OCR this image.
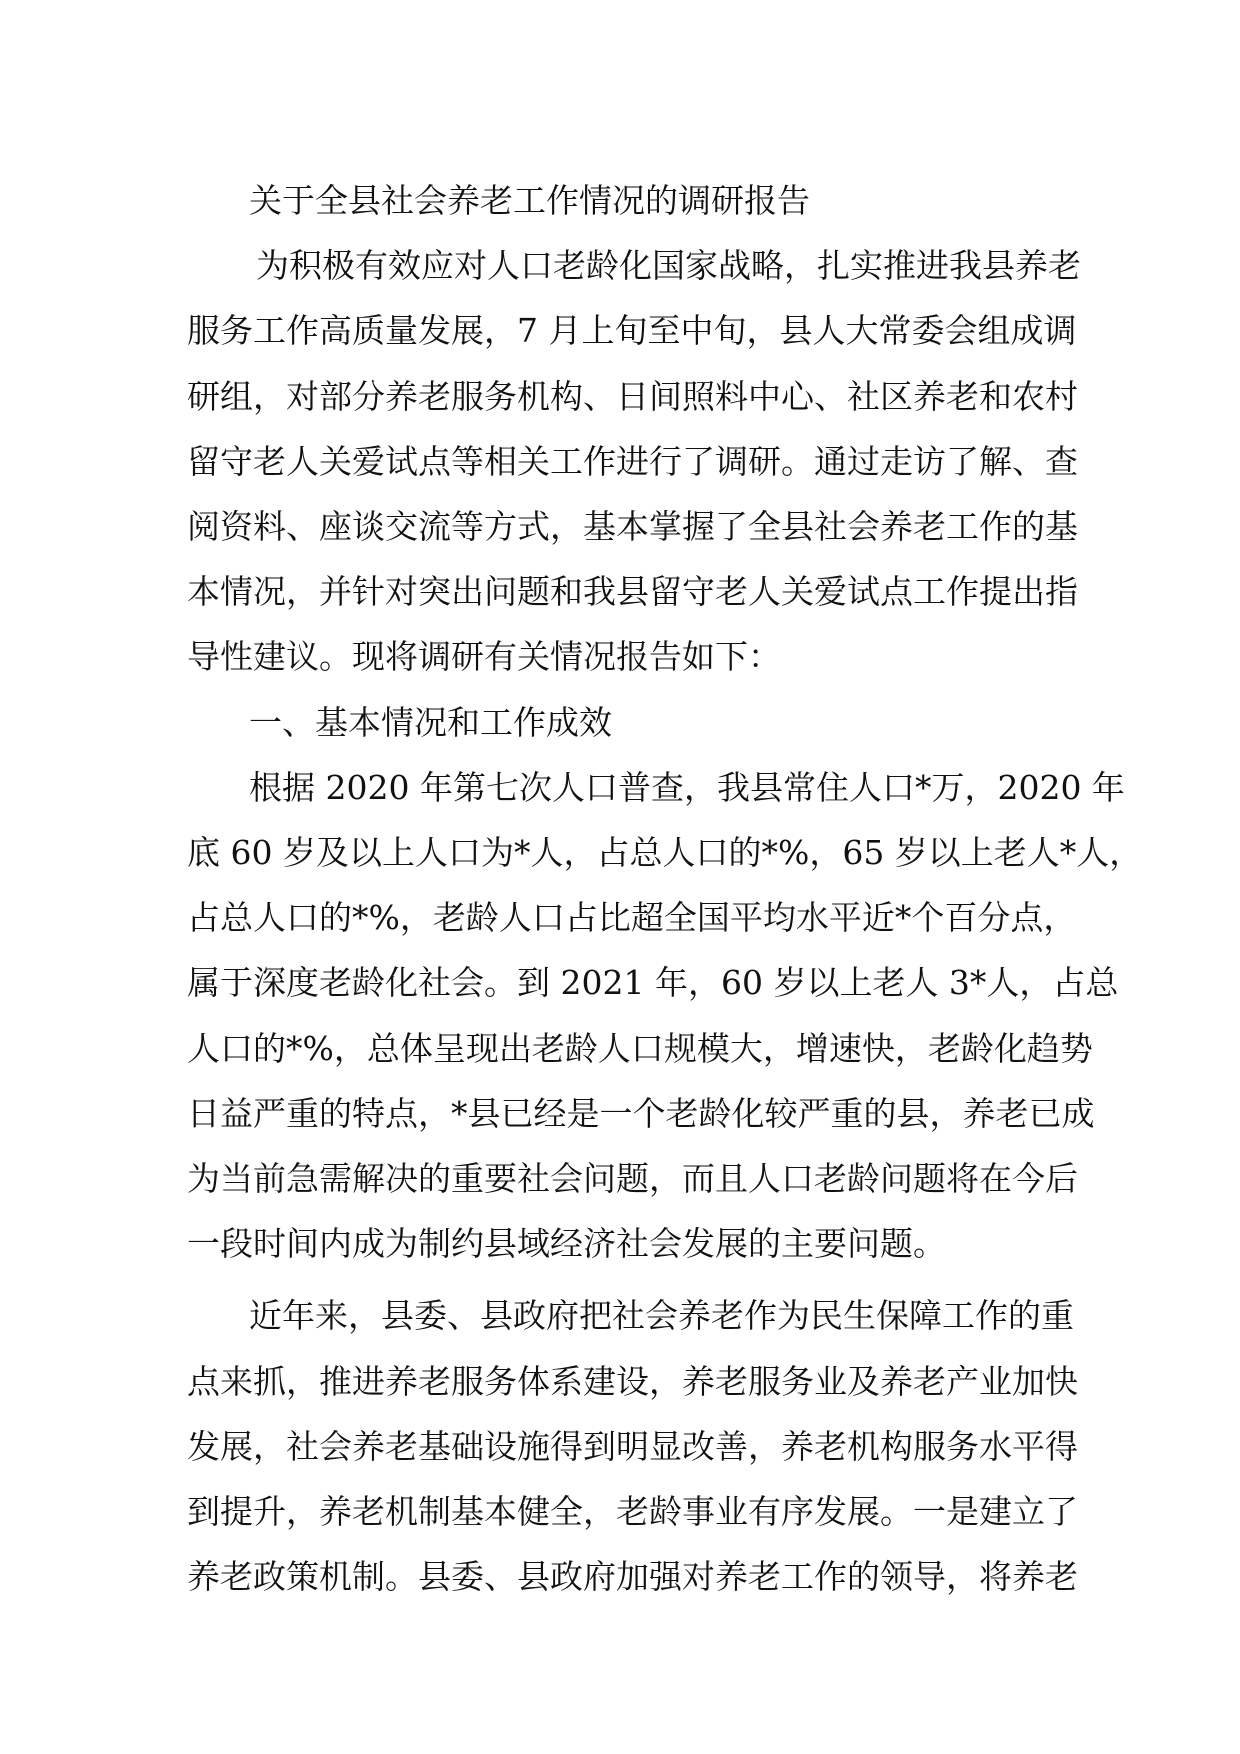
关于全县社会养老工作情况的调研报告

为积极有效应对人口老龄化国家战略，扎实推进我县养老

服务工作高质量发展，7 月上旬至中旬，县人大常委会组成调
研组，对部分养老服务机构、日间照料中心、社区养老和农村
留守老人关爱试点等相关工作进行了调研。通过走访了解、查
阅资料、座谈交流等方式，基本掌握了全县社会养老工作的基
本情况，并针对突出问题和我县留守老人关爱试点工作提出指
导性建议。现将调研有关情况报告如下：

一、基本情况和工作成效

根据 2020 年第七次人口普查，我县常住人口*万，2020 年

底 60 岁及以上人口为*人，占总人口的*%，65 岁以上老人*人，
占总人口的*%，老龄人口占比超全国平均水平近*个百分点，
属于深度老龄化社会。到 2021 年，60 岁以上老人 3*人，占总
人口的*%，总体呈现出老龄人口规模大，增速快，老龄化趋势
日益严重的特点，*县已经是一个老龄化较严重的县，养老已成
为当前急需解决的重要社会问题，而且人口老龄问题将在今后
一段时间内成为制约县域经济社会发展的主要问题。

近年来，县委、县政府把社会养老作为民生保障工作的重

点来抓，推进养老服务体系建设，养老服务业及养老产业加快
发展，社会养老基础设施得到明显改善，养老机构服务水平得
到提升，养老机制基本健全，老龄事业有序发展。一是建立了
养老政策机制。县委、县政府加强对养老工作的领导，将养老
